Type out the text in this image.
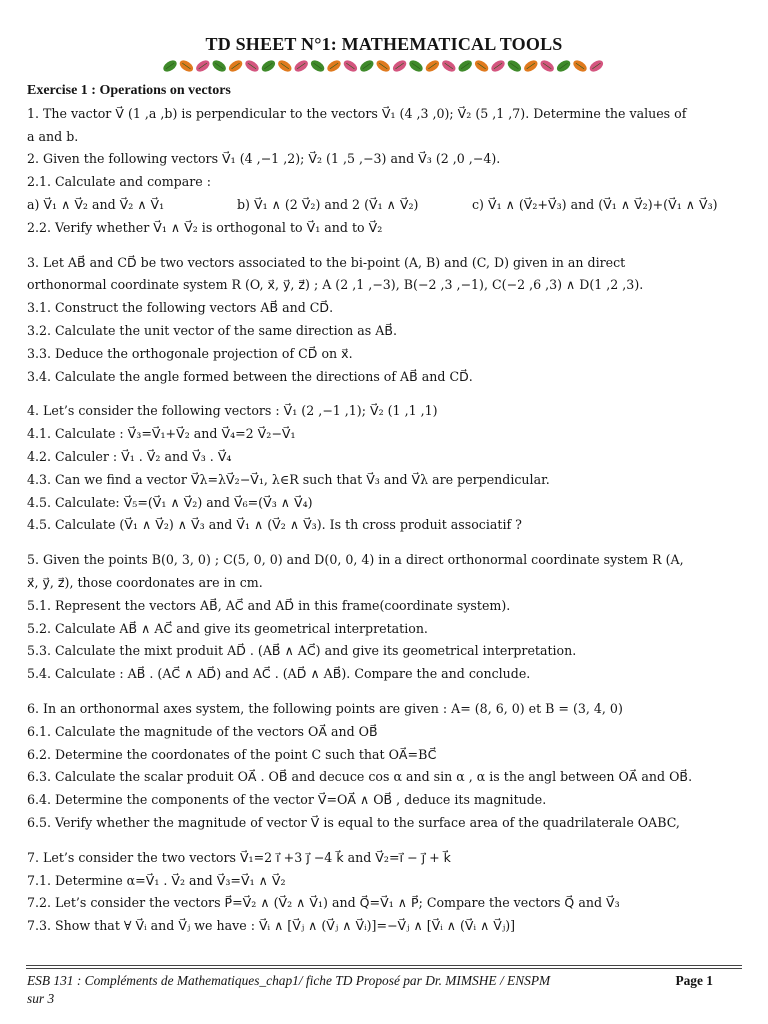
TD SHEET N°1: MATHEMATICAL TOOLS

Exercise 1 : Operations on vectors

1. The vactor V⃗ (1 ,a ,b) is perpendicular to the vectors V⃗₁ (4 ,3 ,0); V⃗₂ (5 ,1 ,7). Determine the values of

a and b.

2. Given the following vectors V⃗₁ (4 ,−1 ,2); V⃗₂ (1 ,5 ,−3) and V⃗₃ (2 ,0 ,−4).

2.1. Calculate and compare :

a) V⃗₁ ∧ V⃗₂ and V⃗₂ ∧ V⃗₁	b) V⃗₁ ∧ (2 V⃗₂) and 2 (V⃗₁ ∧ V⃗₂)	c) V⃗₁ ∧ (V⃗₂+V⃗₃) and (V⃗₁ ∧ V⃗₂)+(V⃗₁ ∧ V⃗₃)

2.2. Verify whether V⃗₁ ∧ V⃗₂ is orthogonal to V⃗₁ and to V⃗₂

3. Let AB⃗ and CD⃗ be two vectors associated to the bi-point (A, B) and (C, D) given in an direct

orthonormal coordinate system R (O, x⃗, y⃗, z⃗) ; A (2 ,1 ,−3), B(−2 ,3 ,−1), C(−2 ,6 ,3) ∧ D(1 ,2 ,3).

3.1. Construct the following vectors AB⃗ and CD⃗.

3.2. Calculate the unit vector of the same direction as AB⃗.

3.3. Deduce the orthogonale projection of CD⃗ on x⃗.

3.4. Calculate the angle formed between the directions of AB⃗ and CD⃗.

4. Let’s consider the following vectors : V⃗₁ (2 ,−1 ,1); V⃗₂ (1 ,1 ,1)

4.1. Calculate : V⃗₃=V⃗₁+V⃗₂ and V⃗₄=2 V⃗₂−V⃗₁

4.2. Calculer : V⃗₁ . V⃗₂ and V⃗₃ . V⃗₄

4.3. Can we find a vector V⃗λ=λV⃗₂−V⃗₁, λ∈R such that V⃗₃ and V⃗λ are perpendicular.

4.5. Calculate: V⃗₅=(V⃗₁ ∧ V⃗₂) and V⃗₆=(V⃗₃ ∧ V⃗₄)

4.5. Calculate (V⃗₁ ∧ V⃗₂) ∧ V⃗₃ and V⃗₁ ∧ (V⃗₂ ∧ V⃗₃). Is th cross produit associatif ?

5. Given the points B(0, 3, 0) ; C(5, 0, 0) and D(0, 0, 4) in a direct orthonormal coordinate system R (A,

x⃗, y⃗, z⃗), those coordonates are in cm.

5.1. Represent the vectors AB⃗, AC⃗ and AD⃗ in this frame(coordinate system).

5.2. Calculate AB⃗ ∧ AC⃗ and give its geometrical interpretation.

5.3. Calculate the mixt produit AD⃗ . (AB⃗ ∧ AC⃗) and give its geometrical interpretation.

5.4. Calculate : AB⃗ . (AC⃗ ∧ AD⃗) and AC⃗ . (AD⃗ ∧ AB⃗). Compare the and conclude.

6. In an orthonormal axes system, the following points are given : A= (8, 6, 0) et B = (3, 4, 0)

6.1. Calculate the magnitude of the vectors OA⃗ and OB⃗

6.2. Determine the coordonates of the point C such that OA⃗=BC⃗

6.3. Calculate the scalar produit OA⃗ . OB⃗ and decuce cos α and sin α , α is the angl between OA⃗ and OB⃗.

6.4. Determine the components of the vector V⃗=OA⃗ ∧ OB⃗ , deduce its magnitude.

6.5. Verify whether the magnitude of vector V⃗ is equal to the surface area of the quadrilaterale OABC,

7. Let’s consider the two vectors V⃗₁=2 i⃗ +3 j⃗ −4 k⃗ and V⃗₂=i⃗ − j⃗ + k⃗

7.1. Determine α=V⃗₁ . V⃗₂ and V⃗₃=V⃗₁ ∧ V⃗₂

7.2. Let’s consider the vectors P⃗=V⃗₂ ∧ (V⃗₂ ∧ V⃗₁) and Q⃗=V⃗₁ ∧ P⃗; Compare the vectors Q⃗ and V⃗₃

7.3. Show that ∀ V⃗ᵢ and V⃗ⱼ we have : V⃗ᵢ ∧ [V⃗ⱼ ∧ (V⃗ⱼ ∧ V⃗ᵢ)]=−V⃗ⱼ ∧ [V⃗ᵢ ∧ (V⃗ᵢ ∧ V⃗ⱼ)]

ESB 131 : Compléments de Mathematiques_chap1/ fiche TD Proposé par Dr. MIMSHE / ENSPM	Page 1
sur 3
